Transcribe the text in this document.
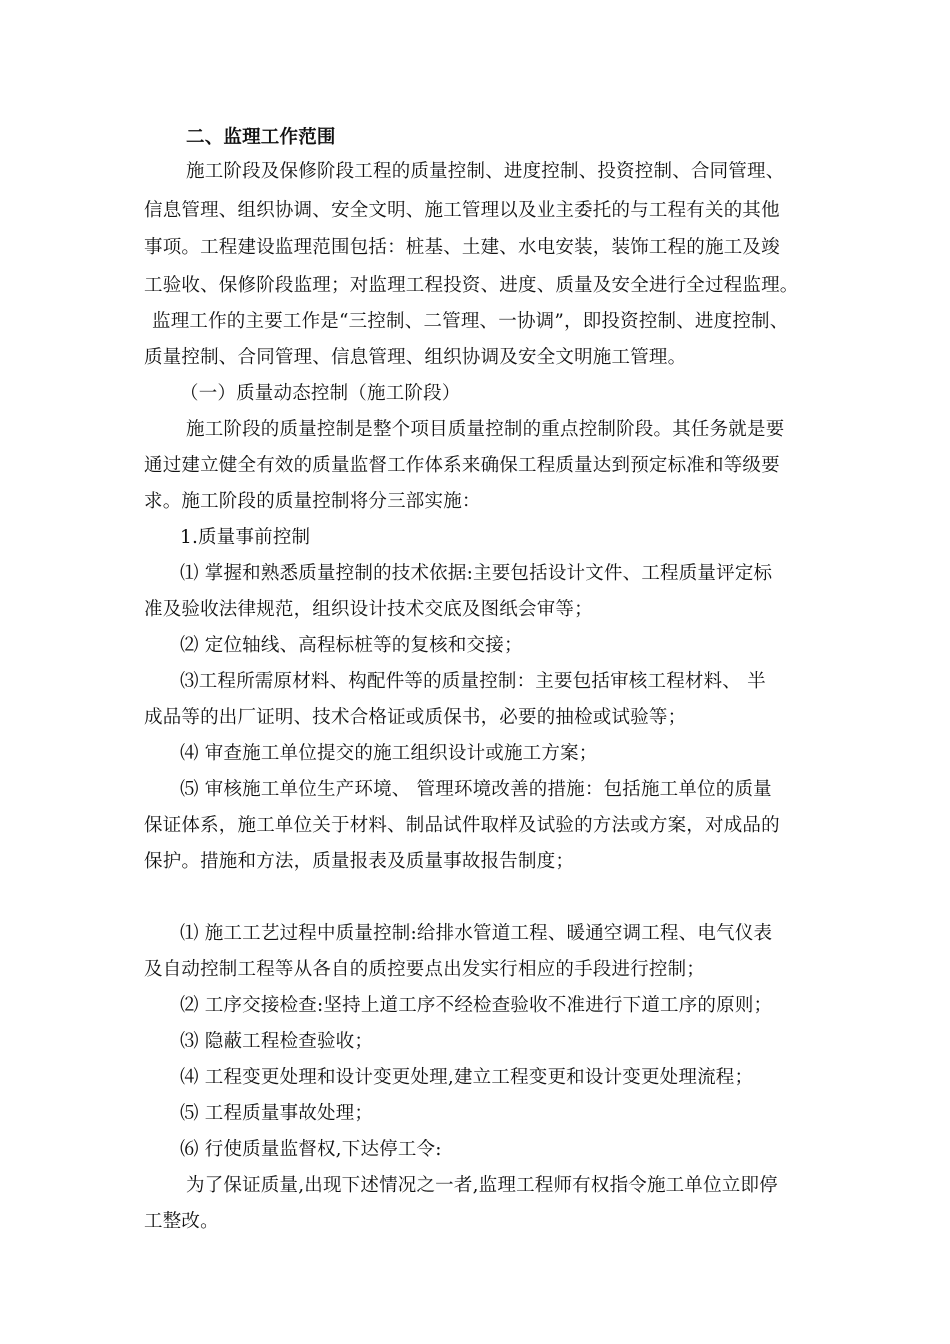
二、监理工作范围
施工阶段及保修阶段工程的质量控制、进度控制、投资控制、合同管理、
信息管理、组织协调、安全文明、施工管理以及业主委托的与工程有关的其他
事项。工程建设监理范围包括：桩基、土建、水电安装，装饰工程的施工及竣
工验收、保修阶段监理；对监理工程投资、进度、质量及安全进行全过程监理。
监理工作的主要工作是“三控制、二管理、一协调”，即投资控制、进度控制、
质量控制、合同管理、信息管理、组织协调及安全文明施工管理。
（一）质量动态控制（施工阶段）
施工阶段的质量控制是整个项目质量控制的重点控制阶段。其任务就是要
通过建立健全有效的质量监督工作体系来确保工程质量达到预定标准和等级要
求。施工阶段的质量控制将分三部实施：
1.质量事前控制
⑴ 掌握和熟悉质量控制的技术依据:主要包括设计文件、工程质量评定标
准及验收法律规范，组织设计技术交底及图纸会审等；
⑵ 定位轴线、高程标桩等的复核和交接；
⑶工程所需原材料、构配件等的质量控制：主要包括审核工程材料、 半
成品等的出厂证明、技术合格证或质保书，必要的抽检或试验等；
⑷ 审查施工单位提交的施工组织设计或施工方案；
⑸ 审核施工单位生产环境、 管理环境改善的措施：包括施工单位的质量
保证体系，施工单位关于材料、制品试件取样及试验的方法或方案，对成品的
保护。措施和方法，质量报表及质量事故报告制度；
⑴ 施工工艺过程中质量控制:给排水管道工程、暖通空调工程、电气仪表
及自动控制工程等从各自的质控要点出发实行相应的手段进行控制；
⑵ 工序交接检查:坚持上道工序不经检查验收不准进行下道工序的原则；
⑶ 隐蔽工程检查验收；
⑷ 工程变更处理和设计变更处理,建立工程变更和设计变更处理流程；
⑸ 工程质量事故处理；
⑹ 行使质量监督权,下达停工令:
为了保证质量,出现下述情况之一者,监理工程师有权指令施工单位立即停
工整改。
